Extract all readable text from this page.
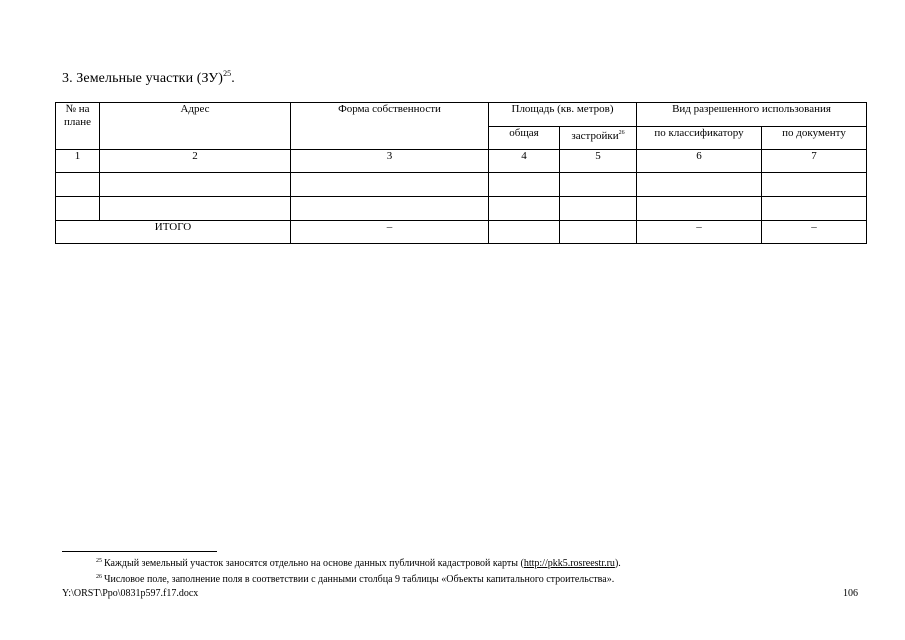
3. Земельные участки (ЗУ)$^{25}$.
№ на плане	Адрес	Форма собственности	Площадь (кв. метров)		Вид разрешенного использования	
			общая	застройки$^{26}$	по классификатору	по документу
1	2	3	4	5	6	7

ИТОГО		–			–	–
$^{25}$ Каждый земельный участок заносятся отдельно на основе данных публичной кадастровой карты (http://pkk5.rosreestr.ru).
$^{26}$ Числовое поле, заполнение поля в соответствии с данными столбца 9 таблицы «Объекты капитального строительства».
Y:\ORST\Ppo\0831p597.f17.docx	106
